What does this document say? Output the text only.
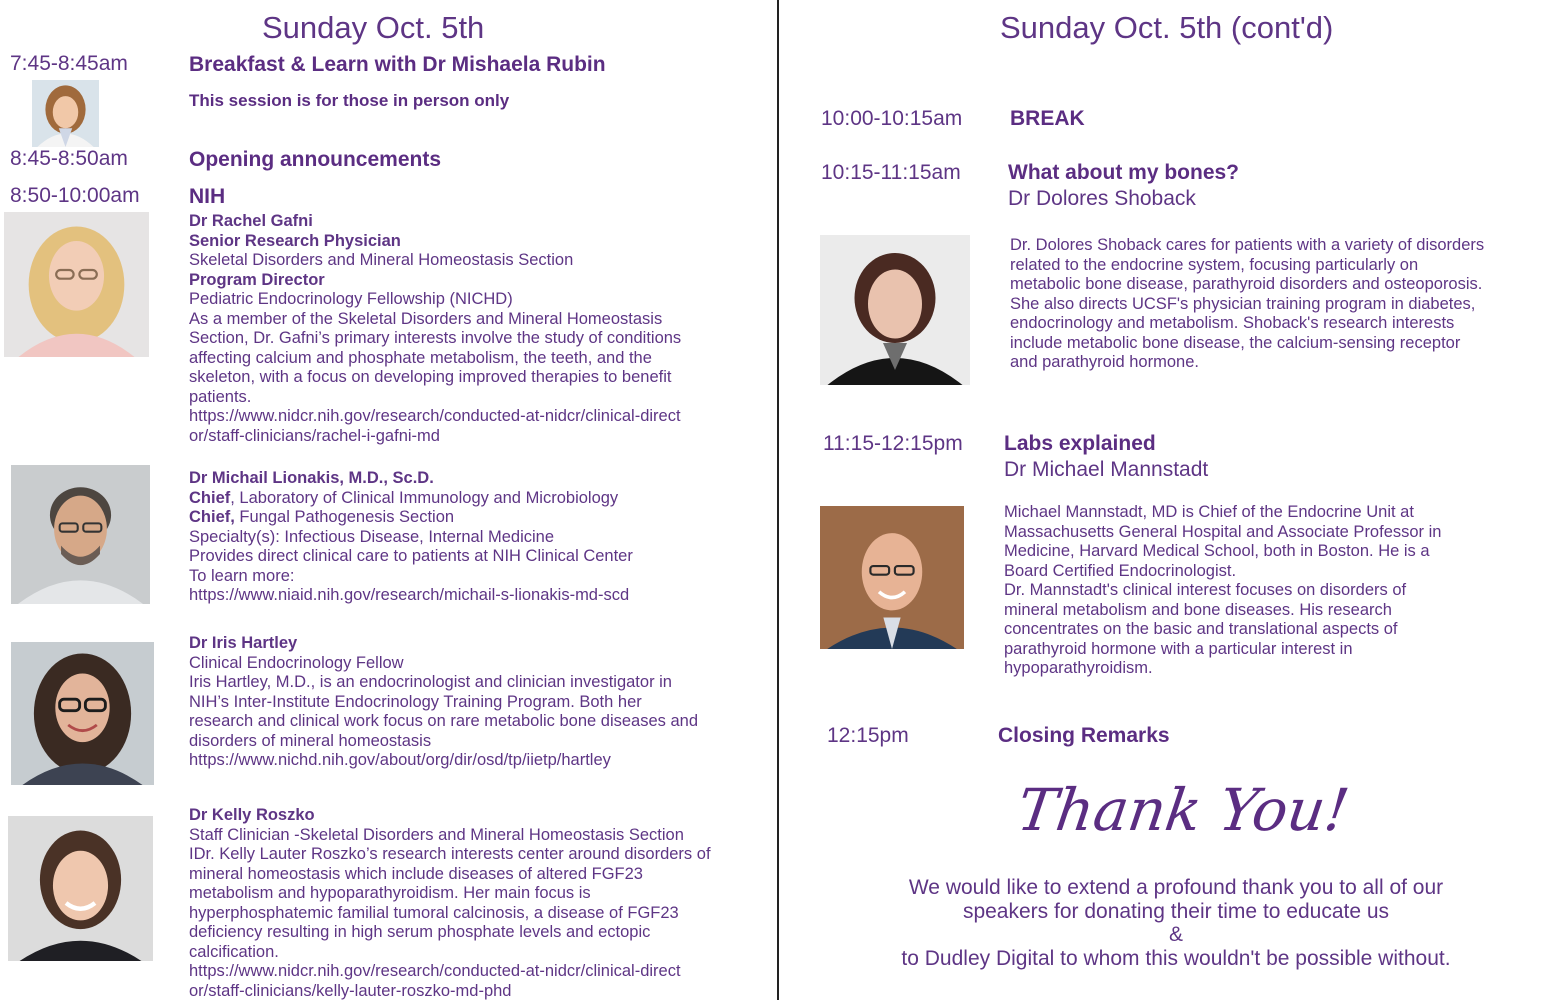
Sunday Oct. 5th
7:45-8:45am	Breakfast & Learn with Dr Mishaela Rubin
This session is for those in person only
8:45-8:50am	Opening announcements
8:50-10:00am NIH
Dr Rachel Gafni
Senior Research Physician
Skeletal Disorders and Mineral Homeostasis Section
Program Director
Pediatric Endocrinology Fellowship (NICHD)
As a member of the Skeletal Disorders and Mineral Homeostasis
Section, Dr. Gafni’s primary interests involve the study of conditions
affecting calcium and phosphate metabolism, the teeth, and the
skeleton, with a focus on developing improved therapies to benefit
patients.
https://www.nidcr.nih.gov/research/conducted-at-nidcr/clinical-direct
or/staff-clinicians/rachel-i-gafni-md
Dr Michail Lionakis, M.D., Sc.D.
Chief, Laboratory of Clinical Immunology and Microbiology
Chief, Fungal Pathogenesis Section
Specialty(s): Infectious Disease, Internal Medicine
Provides direct clinical care to patients at NIH Clinical Center
To learn more:
https://www.niaid.nih.gov/research/michail-s-lionakis-md-scd
Dr Iris Hartley
Clinical Endocrinology Fellow
Iris Hartley, M.D., is an endocrinologist and clinician investigator in
NIH’s Inter-Institute Endocrinology Training Program. Both her
research and clinical work focus on rare metabolic bone diseases and
disorders of mineral homeostasis
https://www.nichd.nih.gov/about/org/dir/osd/tp/iietp/hartley
Dr Kelly Roszko
Staff Clinician -Skeletal Disorders and Mineral Homeostasis Section
IDr. Kelly Lauter Roszko’s research interests center around disorders of
mineral homeostasis which include diseases of altered FGF23
metabolism and hypoparathyroidism. Her main focus is
hyperphosphatemic familial tumoral calcinosis, a disease of FGF23
deficiency resulting in high serum phosphate levels and ectopic
calcification.
https://www.nidcr.nih.gov/research/conducted-at-nidcr/clinical-direct
or/staff-clinicians/kelly-lauter-roszko-md-phd
Sunday Oct. 5th (cont'd)
10:00-10:15am BREAK
10:15-11:15am What about my bones?
Dr Dolores Shoback
Dr. Dolores Shoback cares for patients with a variety of disorders
related to the endocrine system, focusing particularly on
metabolic bone disease, parathyroid disorders and osteoporosis.
She also directs UCSF's physician training program in diabetes,
endocrinology and metabolism. Shoback's research interests
include metabolic bone disease, the calcium-sensing receptor
and parathyroid hormone.
11:15-12:15pm Labs explained
Dr Michael Mannstadt
Michael Mannstadt, MD is Chief of the Endocrine Unit at
Massachusetts General Hospital and Associate Professor in
Medicine, Harvard Medical School, both in Boston. He is a
Board Certified Endocrinologist.
Dr. Mannstadt's clinical interest focuses on disorders of
mineral metabolism and bone diseases. His research
concentrates on the basic and translational aspects of
parathyroid hormone with a particular interest in
hypoparathyroidism.
12:15pm	Closing Remarks
Thank You!
We would like to extend a profound thank you to all of our
speakers for donating their time to educate us
&
to Dudley Digital to whom this wouldn't be possible without.
